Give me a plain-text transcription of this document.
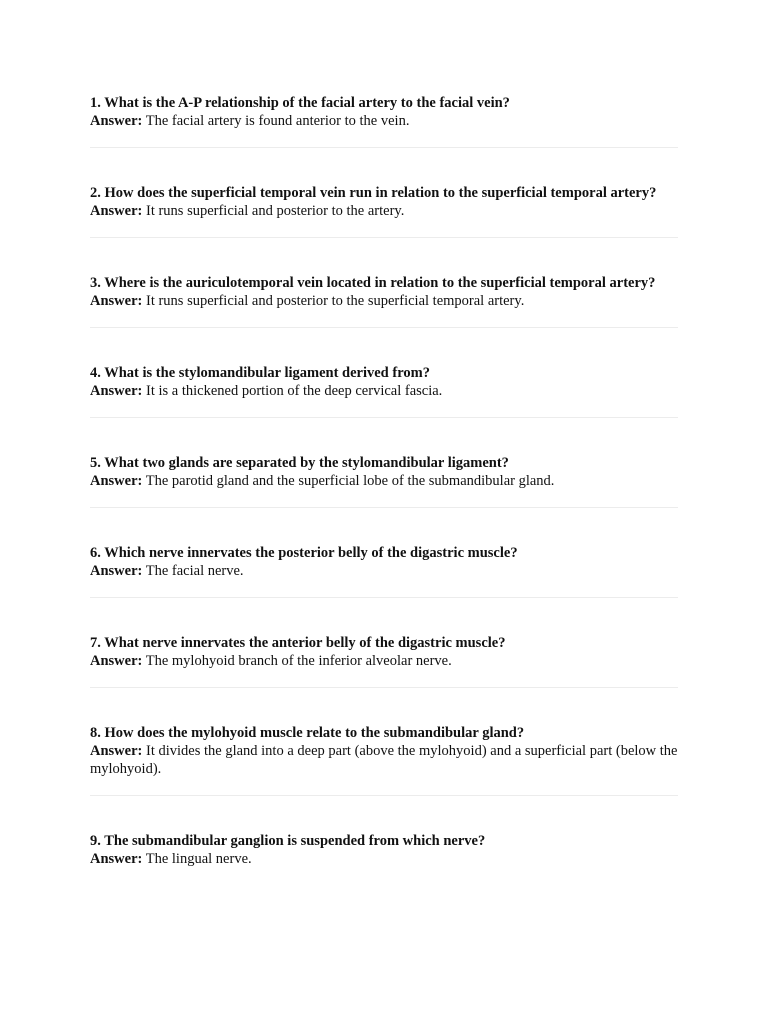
1. What is the A-P relationship of the facial artery to the facial vein?

Answer: The facial artery is found anterior to the vein.

2. How does the superficial temporal vein run in relation to the superficial temporal artery?

Answer: It runs superficial and posterior to the artery.

3. Where is the auriculotemporal vein located in relation to the superficial temporal artery?

Answer: It runs superficial and posterior to the superficial temporal artery.

4. What is the stylomandibular ligament derived from?

Answer: It is a thickened portion of the deep cervical fascia.

5. What two glands are separated by the stylomandibular ligament?

Answer: The parotid gland and the superficial lobe of the submandibular gland.

6. Which nerve innervates the posterior belly of the digastric muscle?

Answer: The facial nerve.

7. What nerve innervates the anterior belly of the digastric muscle?

Answer: The mylohyoid branch of the inferior alveolar nerve.

8. How does the mylohyoid muscle relate to the submandibular gland?

Answer: It divides the gland into a deep part (above the mylohyoid) and a superficial part (below the mylohyoid).

9. The submandibular ganglion is suspended from which nerve?

Answer: The lingual nerve.
